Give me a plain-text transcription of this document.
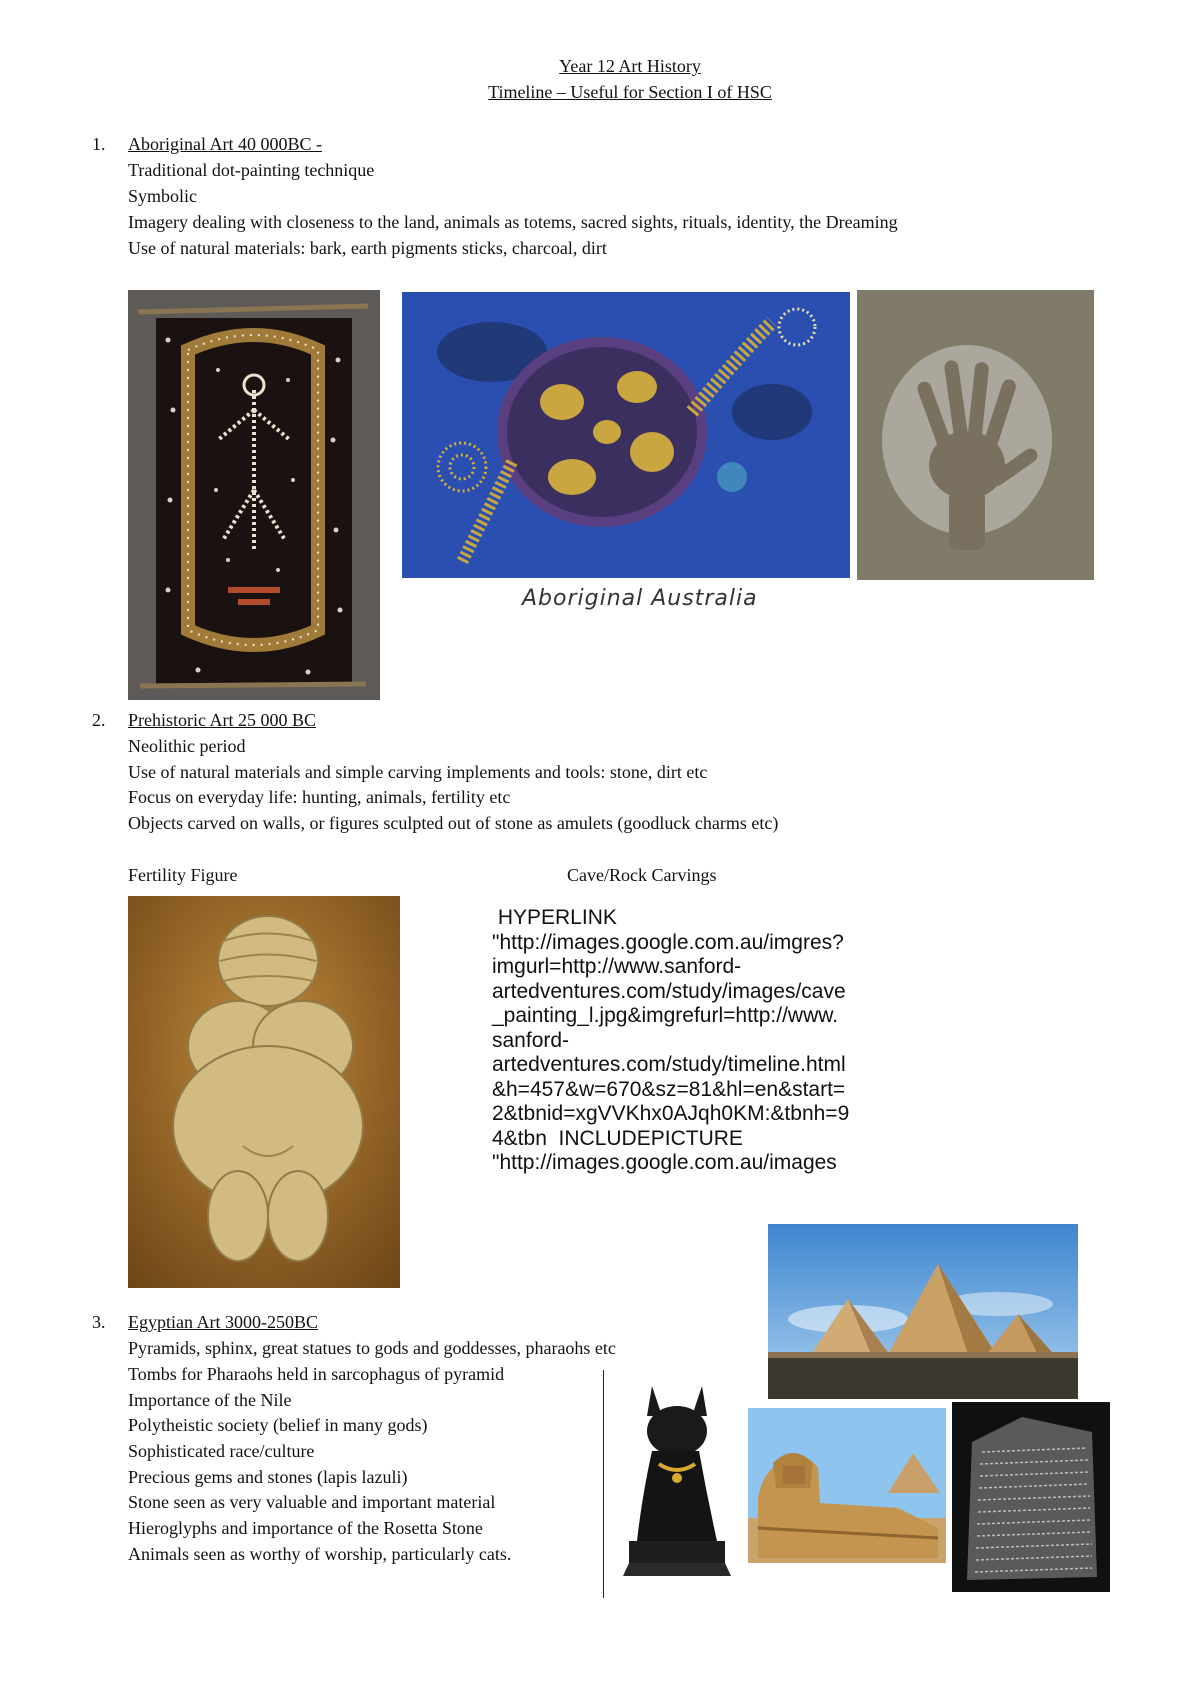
Year 12 Art History
Timeline – Useful for Section I of HSC
1. Aboriginal Art 40 000BC -
Traditional dot-painting technique
Symbolic
Imagery dealing with closeness to the land, animals as totems, sacred sights, rituals, identity, the Dreaming
Use of natural materials: bark, earth pigments sticks, charcoal, dirt
Aboriginal Australia
2. Prehistoric Art 25 000 BC
Neolithic period
Use of natural materials and simple carving implements and tools: stone, dirt etc
Focus on everyday life: hunting, animals, fertility etc
Objects carved on walls, or figures sculpted out of stone as amulets (goodluck charms etc)
Fertility Figure	Cave/Rock Carvings
HYPERLINK
"http://images.google.com.au/imgres?
imgurl=http://www.sanford-
artedventures.com/study/images/cave
_painting_l.jpg&imgrefurl=http://www.
sanford-
artedventures.com/study/timeline.html
&h=457&w=670&sz=81&hl=en&start=
2&tbnid=xgVVKhx0AJqh0KM:&tbnh=9
4&tbn  INCLUDEPICTURE
"http://images.google.com.au/images
3. Egyptian Art 3000-250BC
Pyramids, sphinx, great statues to gods and goddesses, pharaohs etc
Tombs for Pharaohs held in sarcophagus of pyramid
Importance of the Nile
Polytheistic society (belief in many gods)
Sophisticated race/culture
Precious gems and stones (lapis lazuli)
Stone seen as very valuable and important material
Hieroglyphs and importance of the Rosetta Stone
Animals seen as worthy of worship, particularly cats.
